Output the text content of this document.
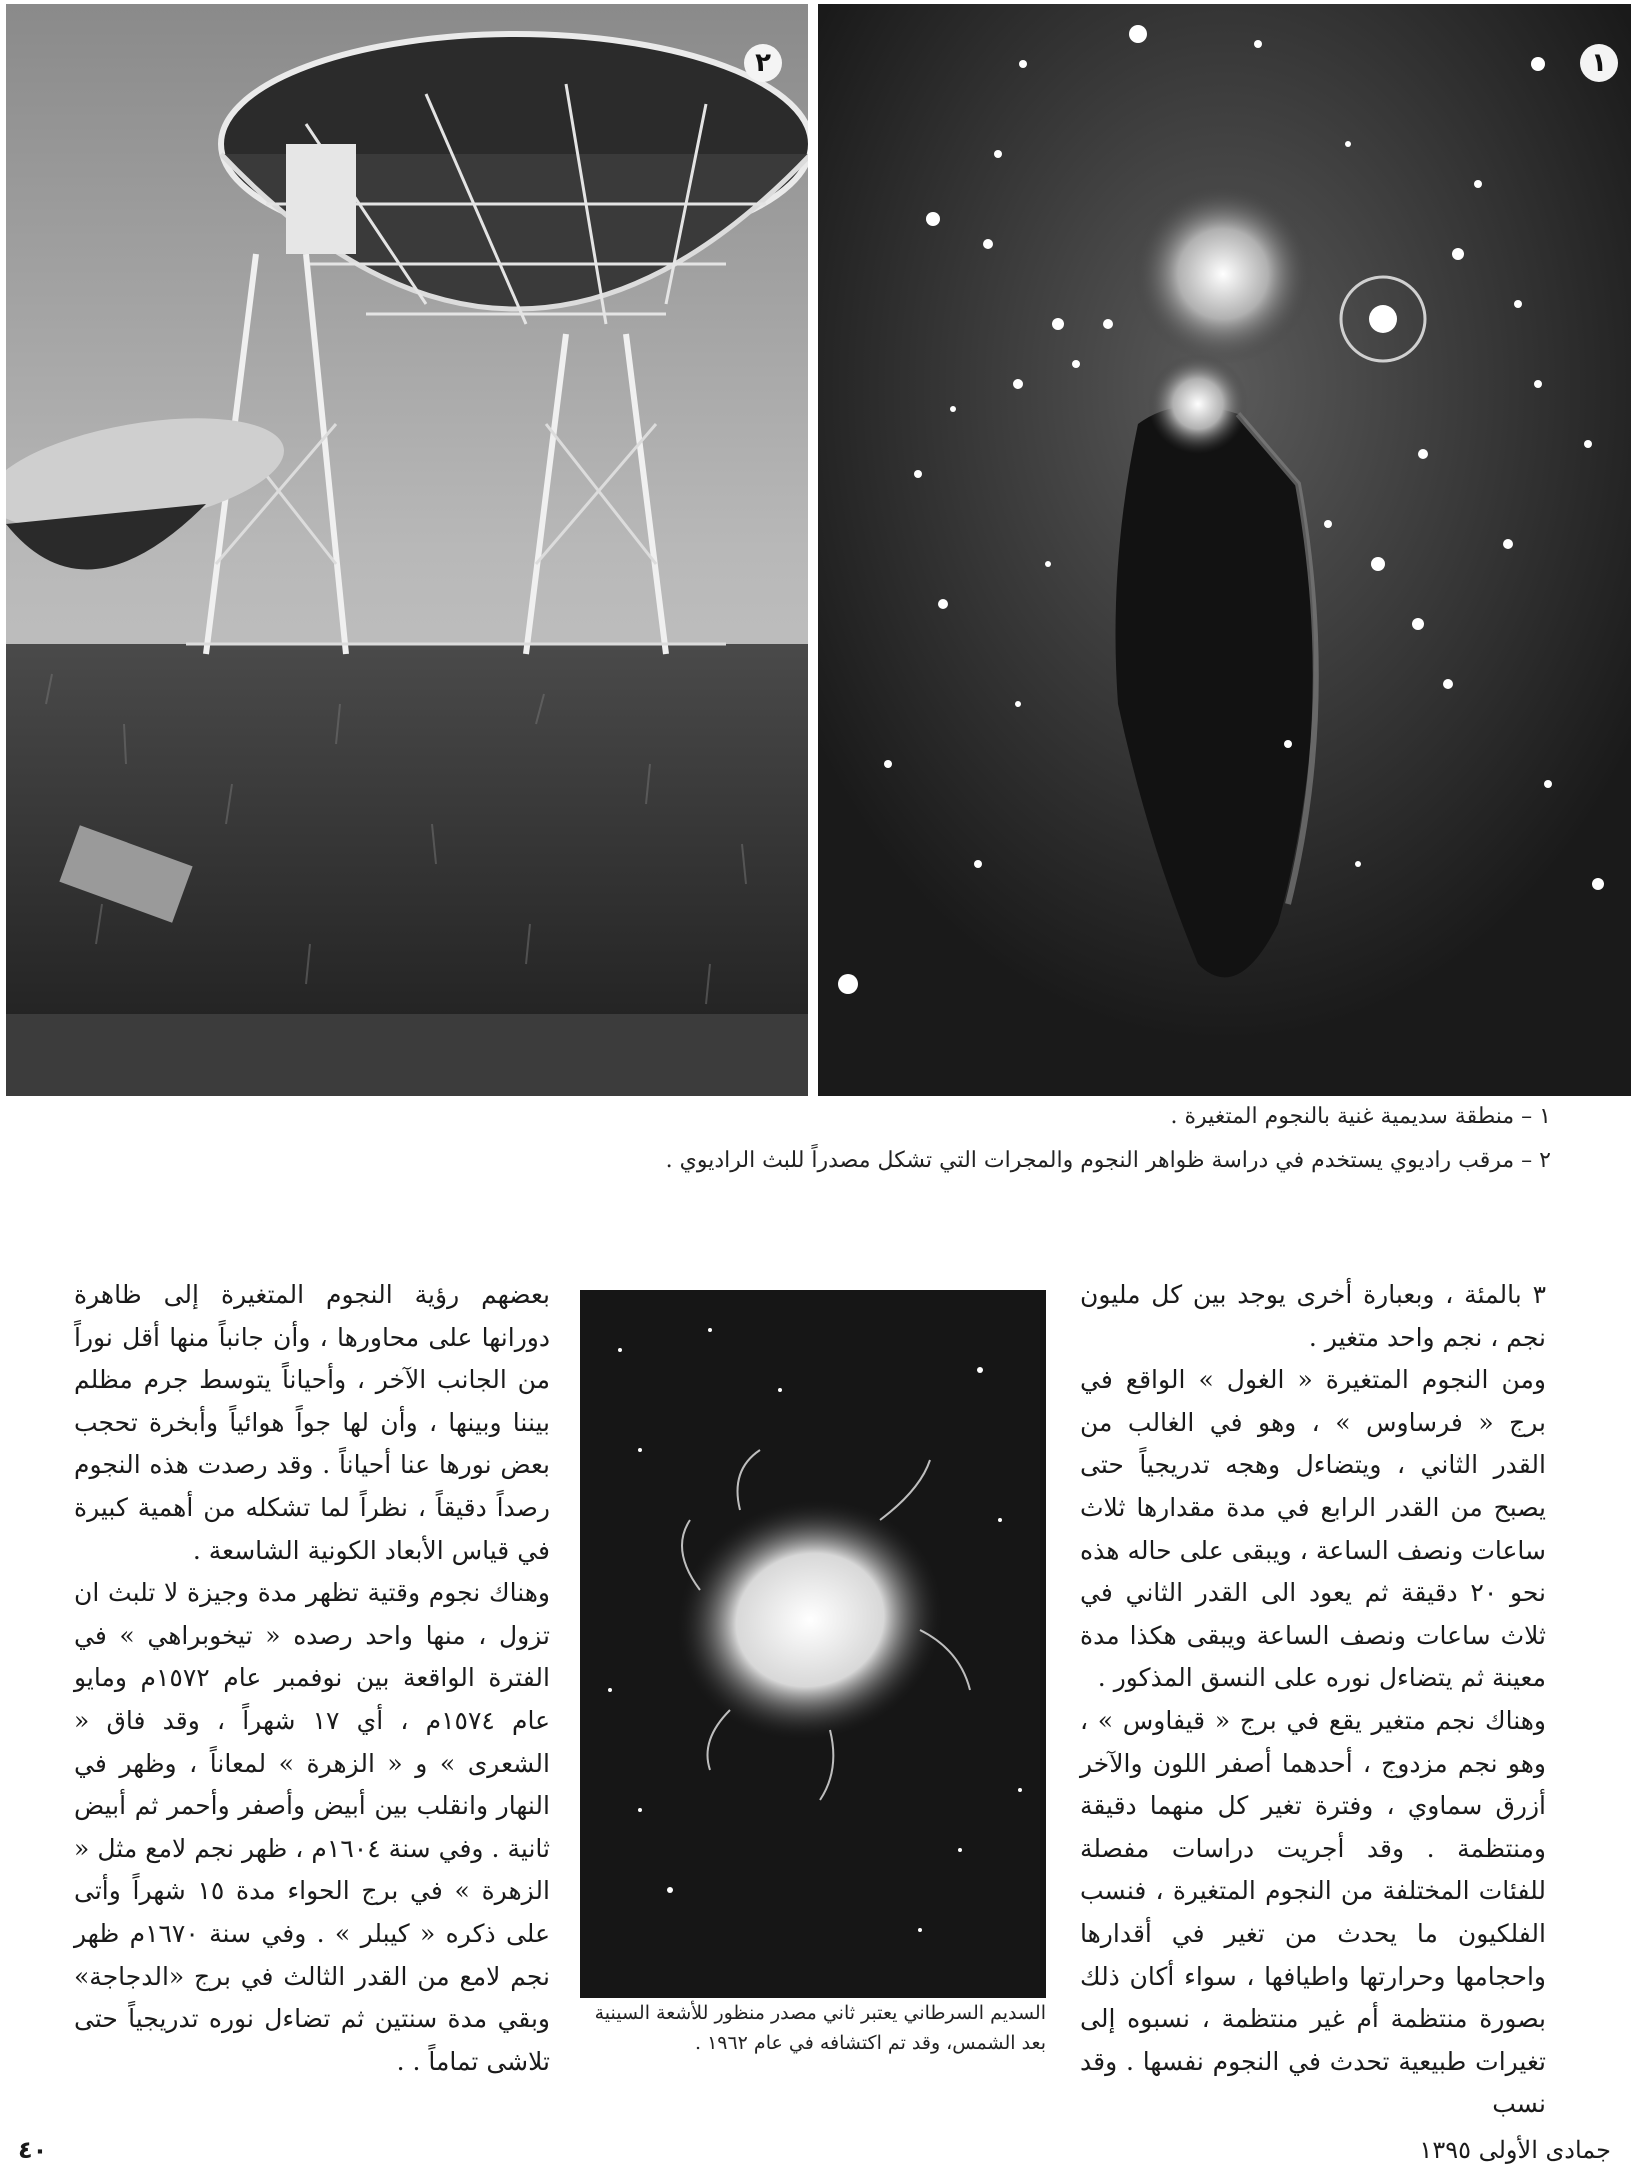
٢	١
١ – منطقة سديمية غنية بالنجوم المتغيرة .
٢ – مرقب راديوي يستخدم في دراسة ظواهر النجوم والمجرات التي تشكل مصدراً للبث الراديوي .

٣ بالمئة ، وبعبارة أخرى يوجد بين كل مليون نجم ، نجم واحد متغير .

ومن النجوم المتغيرة « الغول » الواقع في برج « فرساوس » ، وهو في الغالب من القدر الثاني ، ويتضاءل وهجه تدريجياً حتى يصبح من القدر الرابع في مدة مقدارها ثلاث ساعات ونصف الساعة ، ويبقى على حاله هذه نحو ٢٠ دقيقة ثم يعود الى القدر الثاني في ثلاث ساعات ونصف الساعة ويبقى هكذا مدة معينة ثم يتضاءل نوره على النسق المذكور .

وهناك نجم متغير يقع في برج « قيفاوس » ، وهو نجم مزدوج ، أحدهما أصفر اللون والآخر أزرق سماوي ، وفترة تغير كل منهما دقيقة ومنتظمة . وقد أجريت دراسات مفصلة للفئات المختلفة من النجوم المتغيرة ، فنسب الفلكيون ما يحدث من تغير في أقدارها واحجامها وحرارتها واطيافها ، سواء أكان ذلك بصورة منتظمة أم غير منتظمة ، نسبوه إلى تغيرات طبيعية تحدث في النجوم نفسها . وقد نسب

السديم السرطاني يعتبر ثاني مصدر منظور للأشعة السينية بعد الشمس، وقد تم اكتشافه في عام ١٩٦٢ .

بعضهم رؤية النجوم المتغيرة إلى ظاهرة دورانها على محاورها ، وأن جانباً منها أقل نوراً من الجانب الآخر ، وأحياناً يتوسط جرم مظلم بيننا وبينها ، وأن لها جواً هوائياً وأبخرة تحجب بعض نورها عنا أحياناً . وقد رصدت هذه النجوم رصداً دقيقاً ، نظراً لما تشكله من أهمية كبيرة في قياس الأبعاد الكونية الشاسعة .

وهناك نجوم وقتية تظهر مدة وجيزة لا تلبث ان تزول ، منها واحد رصده « تيخوبراهي » في الفترة الواقعة بين نوفمبر عام ١٥٧٢م ومايو عام ١٥٧٤م ، أي ١٧ شهراً ، وقد فاق « الشعرى » و « الزهرة » لمعاناً ، وظهر في النهار وانقلب بين أبيض وأصفر وأحمر ثم أبيض ثانية . وفي سنة ١٦٠٤م ، ظهر نجم لامع مثل « الزهرة » في برج الحواء مدة ١٥ شهراً وأتى على ذكره « كيبلر » . وفي سنة ١٦٧٠م ظهر نجم لامع من القدر الثالث في برج «الدجاجة» وبقي مدة سنتين ثم تضاءل نوره تدريجياً حتى تلاشى تماماً . .

٤٠	جمادى الأولى ١٣٩٥
